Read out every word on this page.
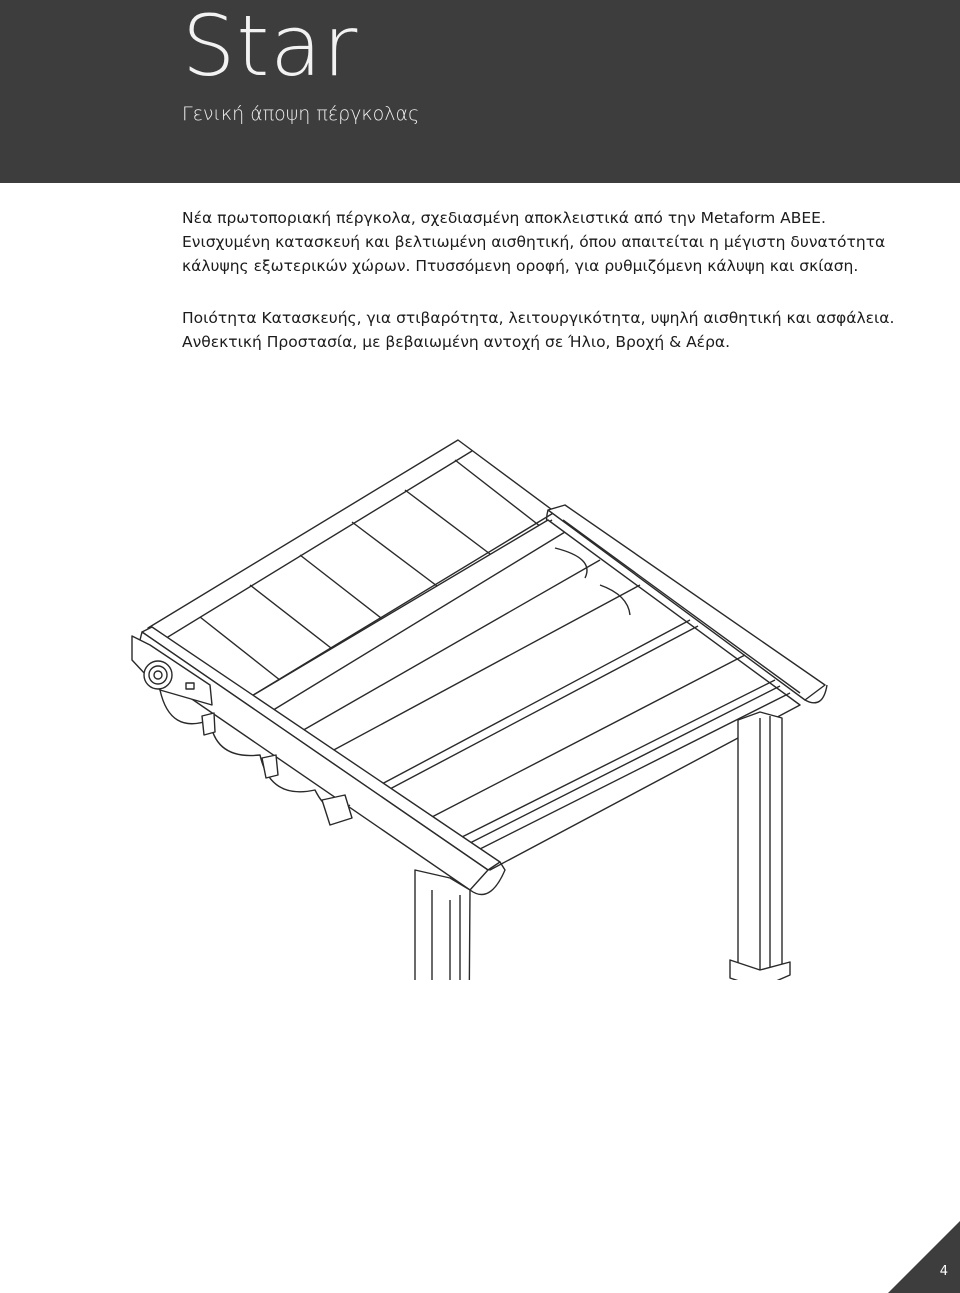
Star
Γενική άποψη πέργκολας
Νέα πρωτοποριακή πέργκολα, σχεδιασμένη αποκλειστικά από την Metaform ΑΒΕΕ.
Ενισχυμένη κατασκευή και βελτιωμένη αισθητική, όπου απαιτείται η μέγιστη δυνατότητα
κάλυψης εξωτερικών χώρων. Πτυσσόμενη οροφή, για ρυθμιζόμενη κάλυψη και σκίαση.
Ποιότητα Κατασκευής, για στιβαρότητα, λειτουργικότητα, υψηλή αισθητική και ασφάλεια.
Ανθεκτική Προστασία, με βεβαιωμένη αντοχή σε Ήλιο, Βροχή & Αέρα.
4
